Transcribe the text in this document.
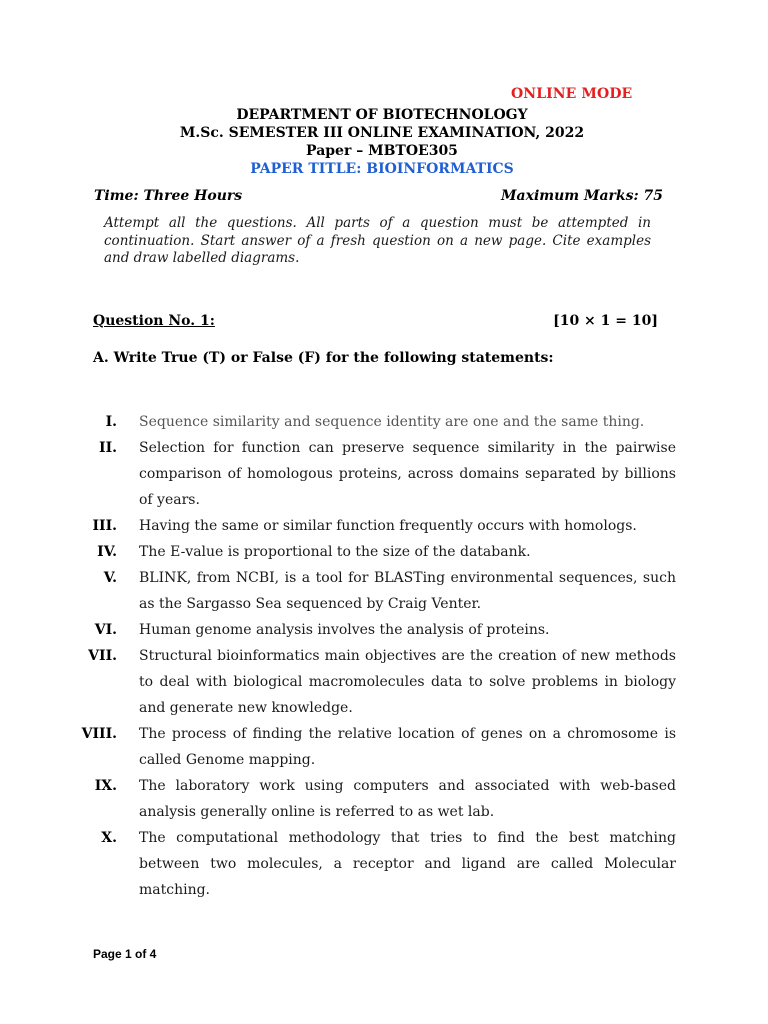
ONLINE MODE
DEPARTMENT OF BIOTECHNOLOGY
M.Sc. SEMESTER III ONLINE EXAMINATION, 2022
Paper – MBTOE305
PAPER TITLE: BIOINFORMATICS
Time: Three Hours	Maximum Marks: 75
Attempt all the questions. All parts of a question must be attempted in continuation. Start answer of a fresh question on a new page. Cite examples and draw labelled diagrams.
Question No. 1:	[10 × 1 = 10]
A. Write True (T) or False (F) for the following statements:
I. Sequence similarity and sequence identity are one and the same thing.
II. Selection for function can preserve sequence similarity in the pairwise comparison of homologous proteins, across domains separated by billions of years.
III. Having the same or similar function frequently occurs with homologs.
IV. The E-value is proportional to the size of the databank.
V. BLINK, from NCBI, is a tool for BLASTing environmental sequences, such as the Sargasso Sea sequenced by Craig Venter.
VI. Human genome analysis involves the analysis of proteins.
VII. Structural bioinformatics main objectives are the creation of new methods to deal with biological macromolecules data to solve problems in biology and generate new knowledge.
VIII. The process of finding the relative location of genes on a chromosome is called Genome mapping.
IX. The laboratory work using computers and associated with web-based analysis generally online is referred to as wet lab.
X. The computational methodology that tries to find the best matching between two molecules, a receptor and ligand are called Molecular matching.
Page 1 of 4
